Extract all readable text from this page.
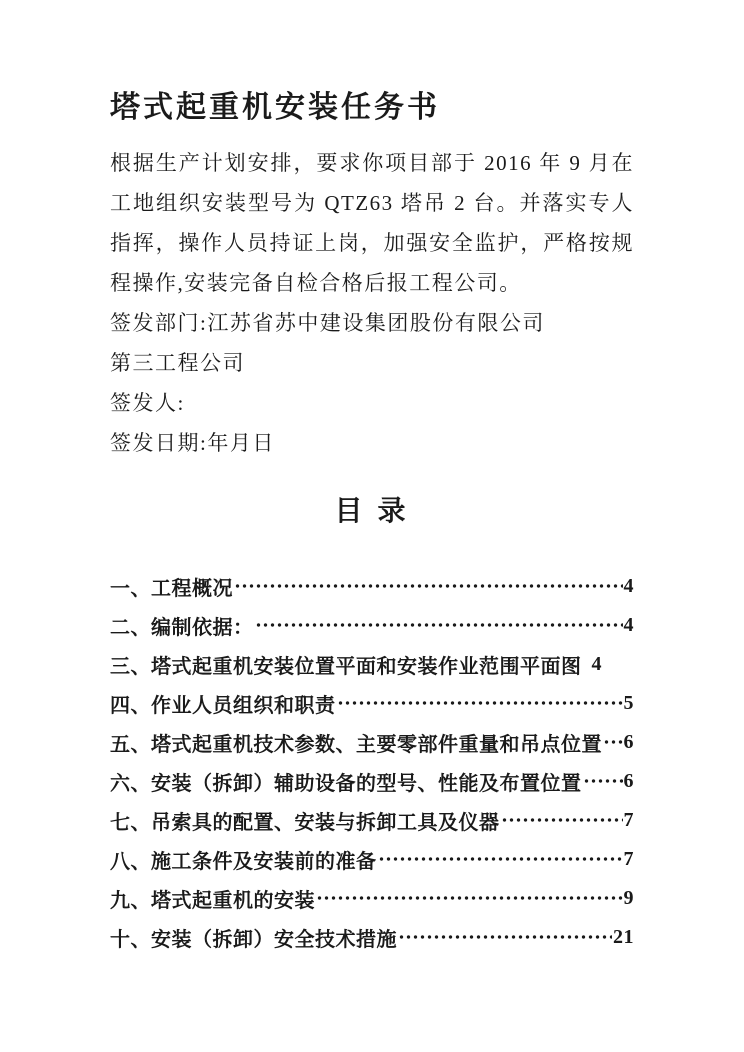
塔式起重机安装任务书

根据生产计划安排，要求你项目部于 2016 年 9 月在工地组织安装型号为 QTZ63 塔吊 2 台。并落实专人指挥，操作人员持证上岗，加强安全监护，严格按规程操作,安装完备自检合格后报工程公司。

签发部门:江苏省苏中建设集团股份有限公司

第三工程公司

签发人:

签发日期:年月日

目 录
一、工程概况	4
二、编制依据：	4
三、塔式起重机安装位置平面和安装作业范围平面图 4
四、作业人员组织和职责	5
五、塔式起重机技术参数、主要零部件重量和吊点位置 6
六、安装（拆卸）辅助设备的型号、性能及布置位置 6
七、吊索具的配置、安装与拆卸工具及仪器	7
八、施工条件及安装前的准备	7
九、塔式起重机的安装	9
十、安装（拆卸）安全技术措施	21
